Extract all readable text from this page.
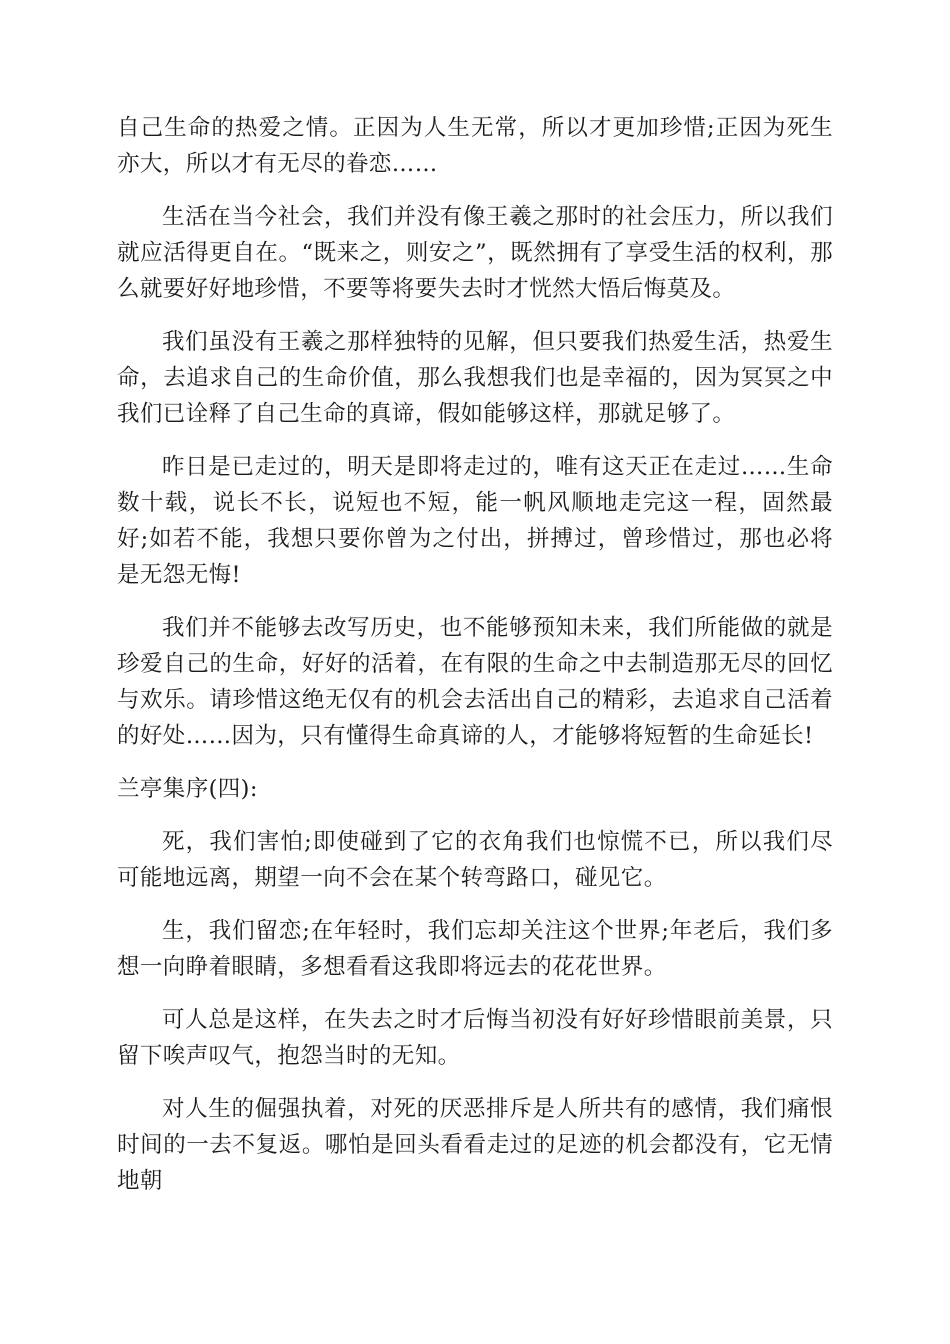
自己生命的热爱之情。正因为人生无常，所以才更加珍惜;正因为死生亦大，所以才有无尽的眷恋……

生活在当今社会，我们并没有像王羲之那时的社会压力，所以我们就应活得更自在。“既来之，则安之”，既然拥有了享受生活的权利，那么就要好好地珍惜，不要等将要失去时才恍然大悟后悔莫及。

我们虽没有王羲之那样独特的见解，但只要我们热爱生活，热爱生命，去追求自己的生命价值，那么我想我们也是幸福的，因为冥冥之中我们已诠释了自己生命的真谛，假如能够这样，那就足够了。

昨日是已走过的，明天是即将走过的，唯有这天正在走过……生命数十载，说长不长，说短也不短，能一帆风顺地走完这一程，固然最好;如若不能，我想只要你曾为之付出，拼搏过，曾珍惜过，那也必将是无怨无悔!

我们并不能够去改写历史，也不能够预知未来，我们所能做的就是珍爱自己的生命，好好的活着，在有限的生命之中去制造那无尽的回忆与欢乐。请珍惜这绝无仅有的机会去活出自己的精彩，去追求自己活着的好处……因为，只有懂得生命真谛的人，才能够将短暂的生命延长!

兰亭集序(四):

死，我们害怕;即使碰到了它的衣角我们也惊慌不已，所以我们尽可能地远离，期望一向不会在某个转弯路口，碰见它。

生，我们留恋;在年轻时，我们忘却关注这个世界;年老后，我们多想一向睁着眼睛，多想看看这我即将远去的花花世界。

可人总是这样，在失去之时才后悔当初没有好好珍惜眼前美景，只留下唉声叹气，抱怨当时的无知。

对人生的倔强执着，对死的厌恶排斥是人所共有的感情，我们痛恨时间的一去不复返。哪怕是回头看看走过的足迹的机会都没有，它无情地朝
